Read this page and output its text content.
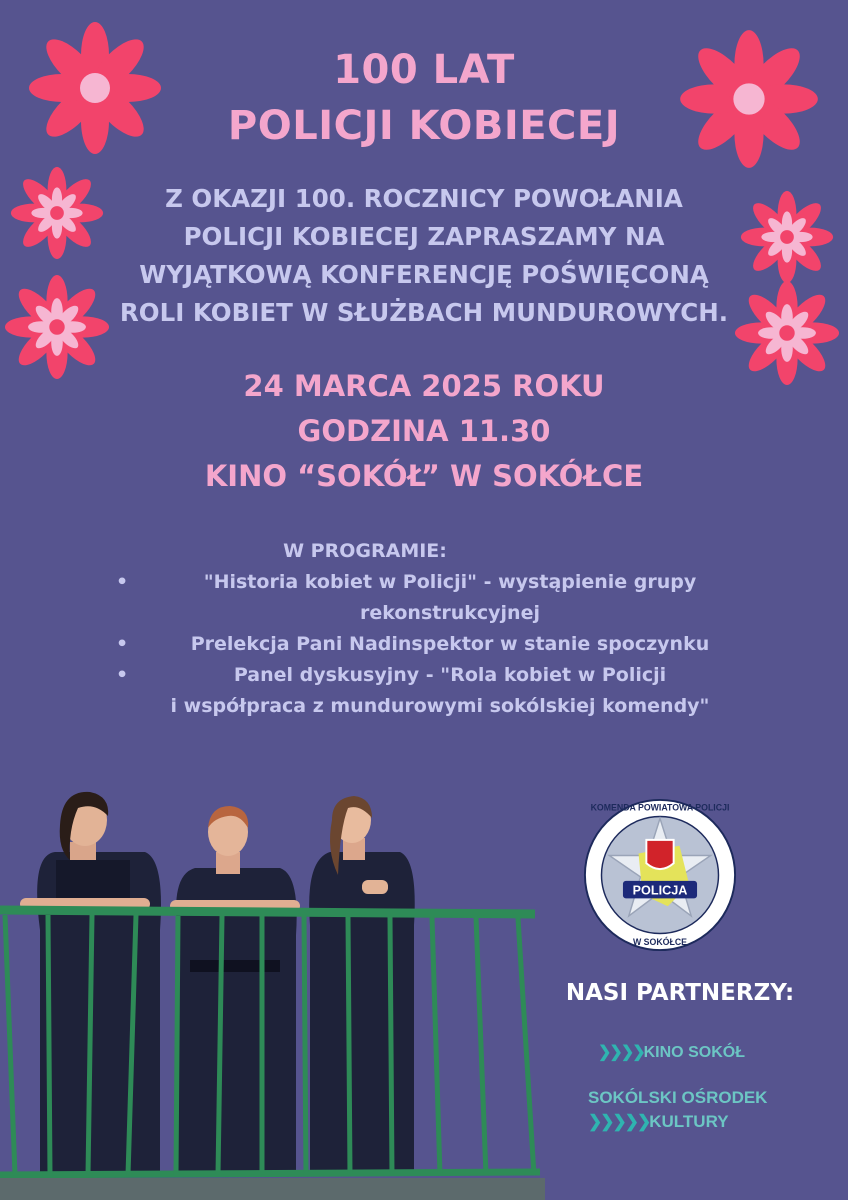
100 LAT
POLICJI KOBIECEJ
Z OKAZJI 100. ROCZNICY POWOŁANIA
POLICJI KOBIECEJ ZAPRASZAMY NA
WYJĄTKOWĄ KONFERENCJĘ POŚWIĘCONĄ
ROLI KOBIET W SŁUŻBACH MUNDUROWYCH.
24 MARCA 2025 ROKU
GODZINA 11.30
KINO “SOKÓŁ” W SOKÓŁCE
W PROGRAMIE:
•	"Historia kobiet w Policji" - wystąpienie grupy
rekonstrukcyjnej
•	Prelekcja Pani Nadinspektor w stanie spoczynku
•	Panel dyskusyjny - "Rola kobiet w Policji
i współpraca z mundurowymi sokólskiej komendy"
POLICJA
KOMENDA POWIATOWA POLICJI
W SOKÓŁCE
NASI PARTNERZY:
❯❯❯❯KINO SOKÓŁ
SOKÓLSKI OŚRODEK
❯❯❯❯❯KULTURY
